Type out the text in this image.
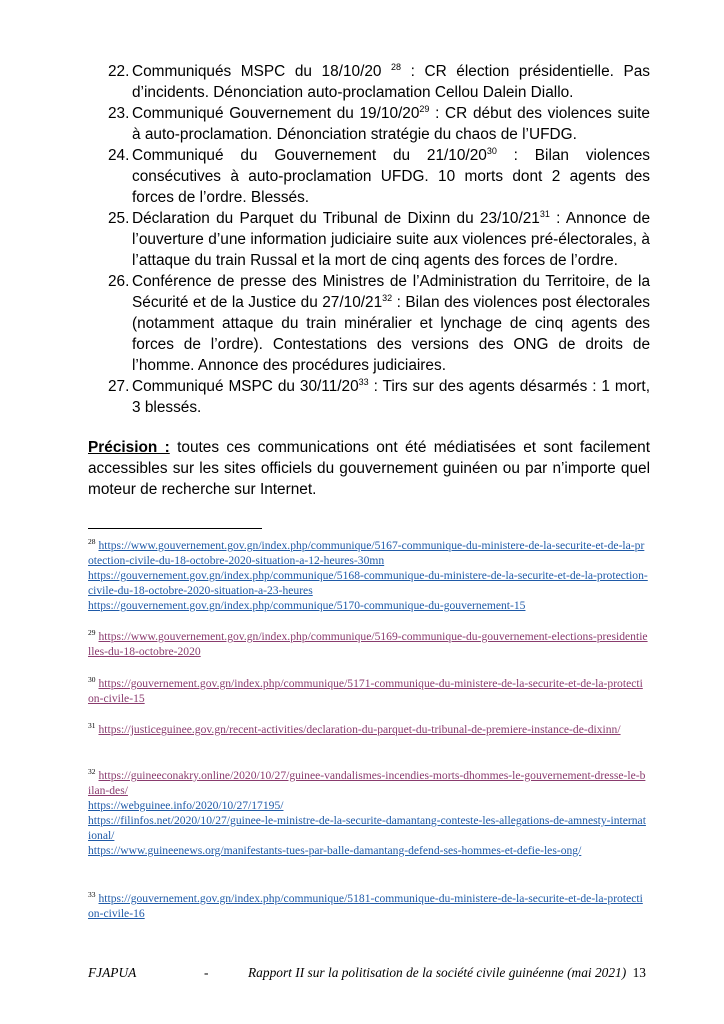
22. Communiqués MSPC du 18/10/20 $^{28}$ : CR élection présidentielle. Pas d’incidents. Dénonciation auto-proclamation Cellou Dalein Diallo.
23. Communiqué Gouvernement du $19/10/20^{29}$ : CR début des violences suite à auto-proclamation. Dénonciation stratégie du chaos de l’UFDG.
24. Communiqué du Gouvernement du $21/10/20^{30}$ : Bilan violences consécutives à auto-proclamation UFDG. 10 morts dont 2 agents des forces de l’ordre. Blessés.
25. Déclaration du Parquet du Tribunal de Dixinn du $23/10/21^{31}$ : Annonce de l’ouverture d’une information judiciaire suite aux violences pré-électorales, à l’attaque du train Russal et la mort de cinq agents des forces de l’ordre.
26. Conférence de presse des Ministres de l’Administration du Territoire, de la Sécurité et de la Justice du $27/10/21^{32}$ : Bilan des violences post électorales (notamment attaque du train minéralier et lynchage de cinq agents des forces de l’ordre). Contestations des versions des ONG de droits de l’homme. Annonce des procédures judiciaires.
27. Communiqué MSPC du $30/11/20^{33}$ : Tirs sur des agents désarmés : 1 mort, 3 blessés.
Précision : toutes ces communications ont été médiatisées et sont facilement accessibles sur les sites officiels du gouvernement guinéen ou par n’importe quel moteur de recherche sur Internet.
$^{28}$ https://www.gouvernement.gov.gn/index.php/communique/5167-communique-du-ministere-de-la-securite-et-de-la-protection-civile-du-18-octobre-2020-situation-a-12-heures-30mn
https://gouvernement.gov.gn/index.php/communique/5168-communique-du-ministere-de-la-securite-et-de-la-protection-civile-du-18-octobre-2020-situation-a-23-heures
https://gouvernement.gov.gn/index.php/communique/5170-communique-du-gouvernement-15
$^{29}$ https://www.gouvernement.gov.gn/index.php/communique/5169-communique-du-gouvernement-elections-presidentielles-du-18-octobre-2020
$^{30}$ https://gouvernement.gov.gn/index.php/communique/5171-communique-du-ministere-de-la-securite-et-de-la-protection-civile-15
$^{31}$ https://justiceguinee.gov.gn/recent-activities/declaration-du-parquet-du-tribunal-de-premiere-instance-de-dixinn/
$^{32}$ https://guineeconakry.online/2020/10/27/guinee-vandalismes-incendies-morts-dhommes-le-gouvernement-dresse-le-bilan-des/
https://webguinee.info/2020/10/27/17195/
https://filinfos.net/2020/10/27/guinee-le-ministre-de-la-securite-damantang-conteste-les-allegations-de-amnesty-international/
https://www.guineenews.org/manifestants-tues-par-balle-damantang-defend-ses-hommes-et-defie-les-ong/
$^{33}$ https://gouvernement.gov.gn/index.php/communique/5181-communique-du-ministere-de-la-securite-et-de-la-protection-civile-16
FJAPUA	-	Rapport II sur la politisation de la société civile guinéenne (mai 2021) 13
